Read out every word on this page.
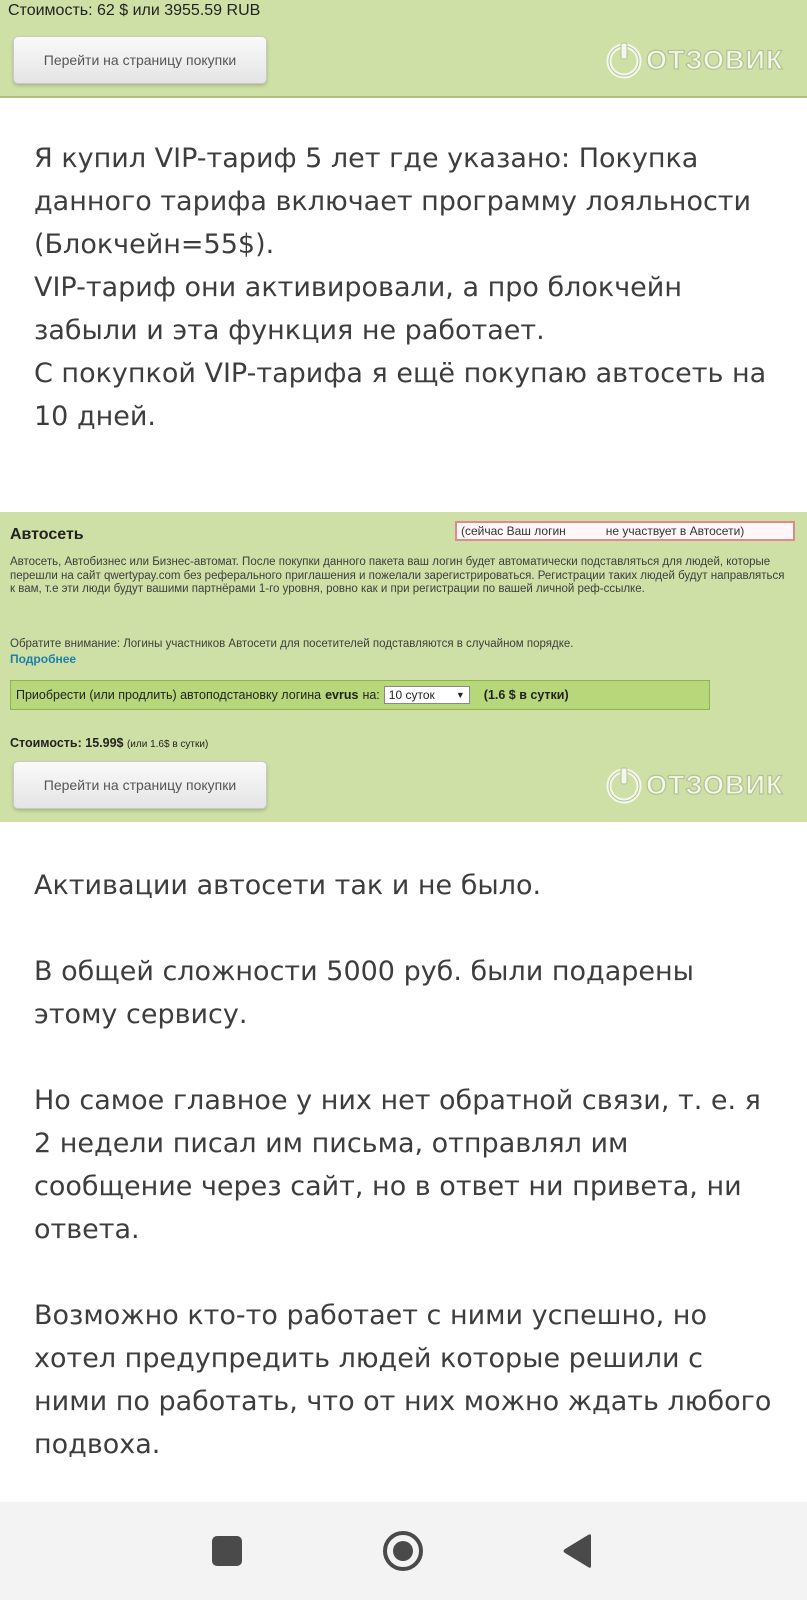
Стоимость: 62 $ или 3955.59 RUB
Перейти на страницу покупки	ОТЗОВИК

Я купил VIP-тариф 5 лет где указано: Покупка данного тарифа включает программу лояльности (Блокчейн=55$).

VIP-тариф они активировали, а про блокчейн забыли и эта функция не работает.

С покупкой VIP-тарифа я ещё покупаю автосеть на 10 дней.

Автосеть	(сейчас Ваш логин            не участвует в Автосети)
Автосеть, Автобизнес или Бизнес-автомат. После покупки данного пакета ваш логин будет автоматически подставляться для людей, которые перешли на сайт qwertypay.com без реферального приглашения и пожелали зарегистрироваться. Регистрации таких людей будут направляться к вам, т.е эти люди будут вашими партнёрами 1-го уровня, ровно как и при регистрации по вашей личной реф-ссылке.
Обратите внимание: Логины участников Автосети для посетителей подставляются в случайном порядке.
Подробнее
Приобрести (или продлить) автоподстановку логина evrus на: 10 суток ▼ (1.6 $ в сутки)
Стоимость: 15.99$ (или 1.6$ в сутки)
Перейти на страницу покупки	ОТЗОВИК

Активации автосети так и не было.

В общей сложности 5000 руб. были подарены этому сервису.

Но самое главное у них нет обратной связи, т. е. я 2 недели писал им письма, отправлял им сообщение через сайт, но в ответ ни привета, ни ответа.

Возможно кто-то работает с ними успешно, но хотел предупредить людей которые решили с ними по работать, что от них можно ждать любого подвоха.
